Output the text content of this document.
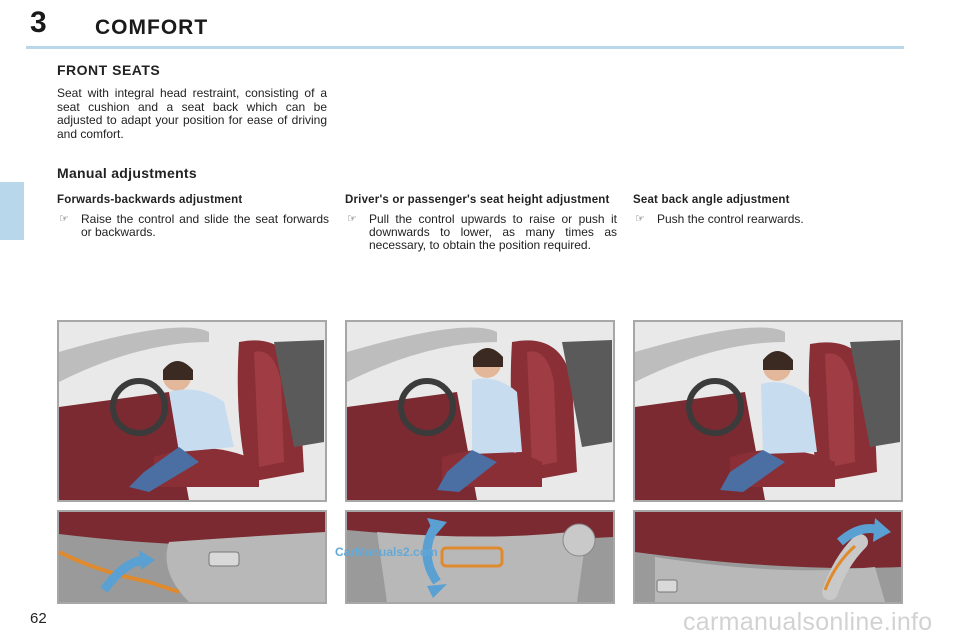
3 COMFORT
FRONT SEATS
Seat with integral head restraint, consisting of a seat cushion and a seat back which can be adjusted to adapt your position for ease of driving and comfort.
Manual adjustments
Forwards-backwards adjustment
☞ Raise the control and slide the seat forwards or backwards.
Driver's or passenger's seat height adjustment
☞ Pull the control upwards to raise or push it downwards to lower, as many times as necessary, to obtain the position required.
Seat back angle adjustment
☞ Push the control rearwards.
CarManuals2.com
62	carmanualsonline.info
